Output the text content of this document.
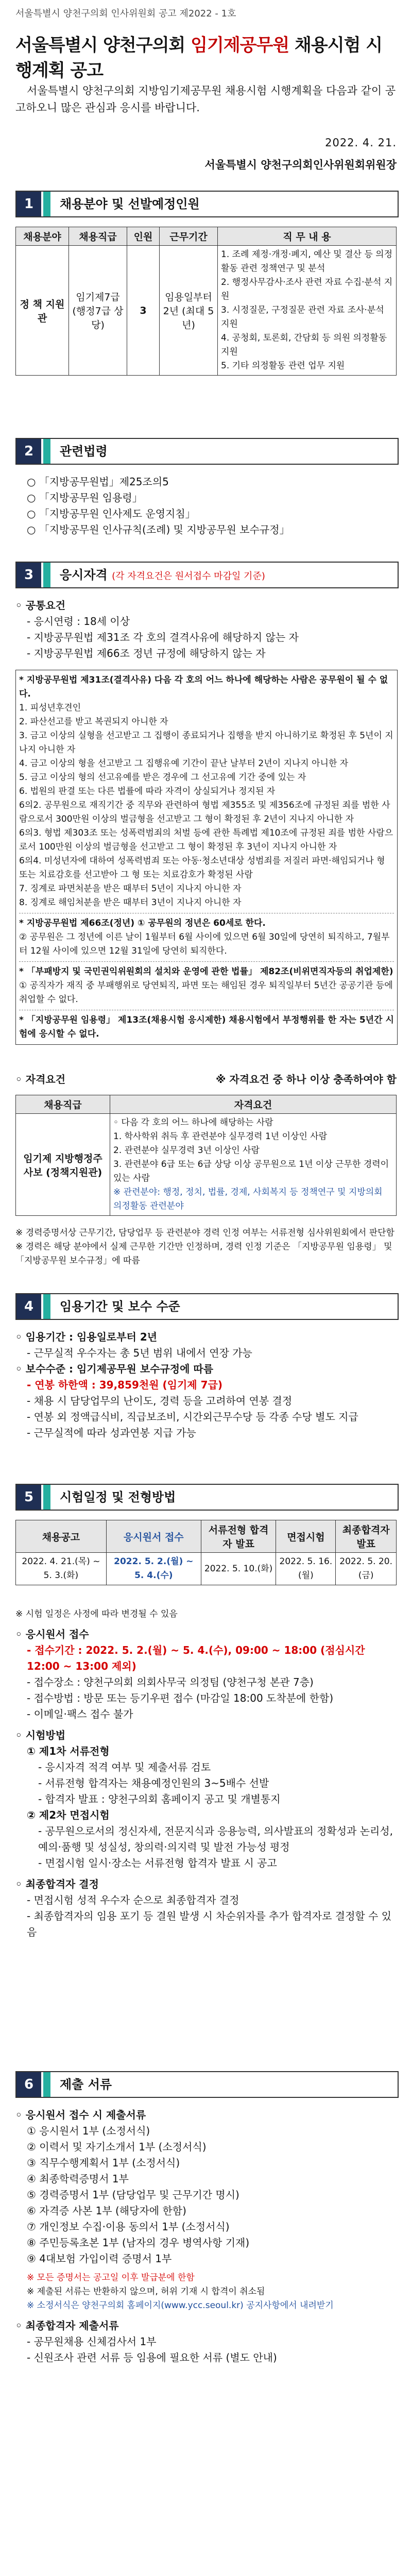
서울특별시 양천구의회 인사위원회 공고 제2022 - 1호
서울특별시 양천구의회 임기제공무원 채용시험 시행계획 공고
서울특별시 양천구의회 지방임기제공무원 채용시험 시행계획을 다음과 같이 공고하오니 많은 관심과 응시를 바랍니다.
2022. 4. 21.
서울특별시 양천구의회인사위원회위원장
1	채용분야 및 선발예정인원
채용분야	채용직급	인원	근무기간	직 무 내 용
정 책 지원관	임기제7급 (행정7급 상당)	3	임용일부터 2년 (최대 5년)	1. 조례 제정·개정·폐지, 예산 및 결산 등 의정활동 관련 정책연구 및 분석
2. 행정사무감사·조사 관련 자료 수집·분석 지원
3. 시정질문, 구정질문 관련 자료 조사·분석 지원
4. 공청회, 토론회, 간담회 등 의원 의정활동 지원
5. 기타 의정활동 관련 업무 지원
2	관련법령

○ 「지방공무원법」제25조의5

○ 「지방공무원 임용령」

○ 「지방공무원 인사제도 운영지침」

○ 「지방공무원 인사규칙(조례) 및 지방공무원 보수규정」

3	응시자격 (각 자격요건은 원서접수 마감일 기준)

◦ 공통요건

- 응시연령 : 18세 이상

- 지방공무원법 제31조 각 호의 결격사유에 해당하지 않는 자

- 지방공무원법 제66조 정년 규정에 해당하지 않는 자

* 지방공무원법 제31조(결격사유) 다음 각 호의 어느 하나에 해당하는 사람은 공무원이 될 수 없다.

1. 피성년후견인

2. 파산선고를 받고 복권되지 아니한 자

3. 금고 이상의 실형을 선고받고 그 집행이 종료되거나 집행을 받지 아니하기로 확정된 후 5년이 지나지 아니한 자

4. 금고 이상의 형을 선고받고 그 집행유예 기간이 끝난 날부터 2년이 지나지 아니한 자

5. 금고 이상의 형의 선고유예를 받은 경우에 그 선고유예 기간 중에 있는 자

6. 법원의 판결 또는 다른 법률에 따라 자격이 상실되거나 정지된 자

6의2. 공무원으로 재직기간 중 직무와 관련하여 형법 제355조 및 제356조에 규정된 죄를 범한 사람으로서 300만원 이상의 벌금형을 선고받고 그 형이 확정된 후 2년이 지나지 아니한 자

6의3. 형법 제303조 또는 성폭력범죄의 처벌 등에 관한 특례법 제10조에 규정된 죄를 범한 사람으로서 100만원 이상의 벌금형을 선고받고 그 형이 확정된 후 3년이 지나지 아니한 자

6의4. 미성년자에 대하여 성폭력범죄 또는 아동·청소년대상 성범죄를 저질러 파면·해임되거나 형 또는 치료감호를 선고받아 그 형 또는 치료감호가 확정된 사람

7. 징계로 파면처분을 받은 때부터 5년이 지나지 아니한 자

8. 징계로 해임처분을 받은 때부터 3년이 지나지 아니한 자

* 지방공무원법 제66조(정년) ① 공무원의 정년은 60세로 한다.

② 공무원은 그 정년에 이른 날이 1월부터 6월 사이에 있으면 6월 30일에 당연히 퇴직하고, 7월부터 12월 사이에 있으면 12월 31일에 당연히 퇴직한다.

* 「부패방지 및 국민권익위원회의 설치와 운영에 관한 법률」 제82조(비위면직자등의 취업제한)

① 공직자가 재직 중 부패행위로 당연퇴직, 파면 또는 해임된 경우 퇴직일부터 5년간 공공기관 등에 취업할 수 없다.

* 「지방공무원 임용령」 제13조(채용시험 응시제한) 채용시험에서 부정행위를 한 자는 5년간 시험에 응시할 수 없다.

◦ 자격요건	※ 자격요건 중 하나 이상 충족하여야 함

채용직급	자격요건
임기제 지방행정주사보 (정책지원관)	◦ 다음 각 호의 어느 하나에 해당하는 사람
1. 학사학위 취득 후 관련분야 실무경력 1년 이상인 사람
2. 관련분야 실무경력 3년 이상인 사람
3. 관련분야 6급 또는 6급 상당 이상 공무원으로 1년 이상 근무한 경력이 있는 사람
※ 관련분야: 행정, 정치, 법률, 경제, 사회복지 등 정책연구 및 지방의회 의정활동 관련분야

※ 경력증명서상 근무기간, 담당업무 등 관련분야 경력 인정 여부는 서류전형 심사위원회에서 판단함

※ 경력은 해당 분야에서 실제 근무한 기간만 인정하며, 경력 인정 기준은 「지방공무원 임용령」 및 「지방공무원 보수규정」에 따름

4	임용기간 및 보수 수준

◦ 임용기간 : 임용일로부터 2년

- 근무실적 우수자는 총 5년 범위 내에서 연장 가능

◦ 보수수준 : 임기제공무원 보수규정에 따름

- 연봉 하한액 : 39,859천원 (임기제 7급)

- 채용 시 담당업무의 난이도, 경력 등을 고려하여 연봉 결정

- 연봉 외 정액급식비, 직급보조비, 시간외근무수당 등 각종 수당 별도 지급

- 근무실적에 따라 성과연봉 지급 가능

5	시험일정 및 전형방법
채용공고	응시원서 접수	서류전형 합격자 발표	면접시험	최종합격자 발표
2022. 4. 21.(목) ~ 5. 3.(화)	2022. 5. 2.(월) ~ 5. 4.(수)	2022. 5. 10.(화)	2022. 5. 16.(월)	2022. 5. 20.(금)

※ 시험 일정은 사정에 따라 변경될 수 있음

◦ 응시원서 접수

- 접수기간 : 2022. 5. 2.(월) ~ 5. 4.(수), 09:00 ~ 18:00 (점심시간 12:00 ~ 13:00 제외)

- 접수장소 : 양천구의회 의회사무국 의정팀 (양천구청 본관 7층)

- 접수방법 : 방문 또는 등기우편 접수 (마감일 18:00 도착분에 한함)

- 이메일·팩스 접수 불가

◦ 시험방법

① 제1차 서류전형

- 응시자격 적격 여부 및 제출서류 검토

- 서류전형 합격자는 채용예정인원의 3~5배수 선발

- 합격자 발표 : 양천구의회 홈페이지 공고 및 개별통지

② 제2차 면접시험

- 공무원으로서의 정신자세, 전문지식과 응용능력, 의사발표의 정확성과 논리성, 예의·품행 및 성실성, 창의력·의지력 및 발전 가능성 평정

- 면접시험 일시·장소는 서류전형 합격자 발표 시 공고

◦ 최종합격자 결정

- 면접시험 성적 우수자 순으로 최종합격자 결정

- 최종합격자의 임용 포기 등 결원 발생 시 차순위자를 추가 합격자로 결정할 수 있음

6	제출 서류

◦ 응시원서 접수 시 제출서류

① 응시원서 1부 (소정서식)

② 이력서 및 자기소개서 1부 (소정서식)

③ 직무수행계획서 1부 (소정서식)

④ 최종학력증명서 1부

⑤ 경력증명서 1부 (담당업무 및 근무기간 명시)

⑥ 자격증 사본 1부 (해당자에 한함)

⑦ 개인정보 수집·이용 동의서 1부 (소정서식)

⑧ 주민등록초본 1부 (남자의 경우 병역사항 기재)

⑨ 4대보험 가입이력 증명서 1부

※ 모든 증명서는 공고일 이후 발급분에 한함

※ 제출된 서류는 반환하지 않으며, 허위 기재 시 합격이 취소됨

※ 소정서식은 양천구의회 홈페이지(www.ycc.seoul.kr) 공지사항에서 내려받기

◦ 최종합격자 제출서류

- 공무원채용 신체검사서 1부

- 신원조사 관련 서류 등 임용에 필요한 서류 (별도 안내)
